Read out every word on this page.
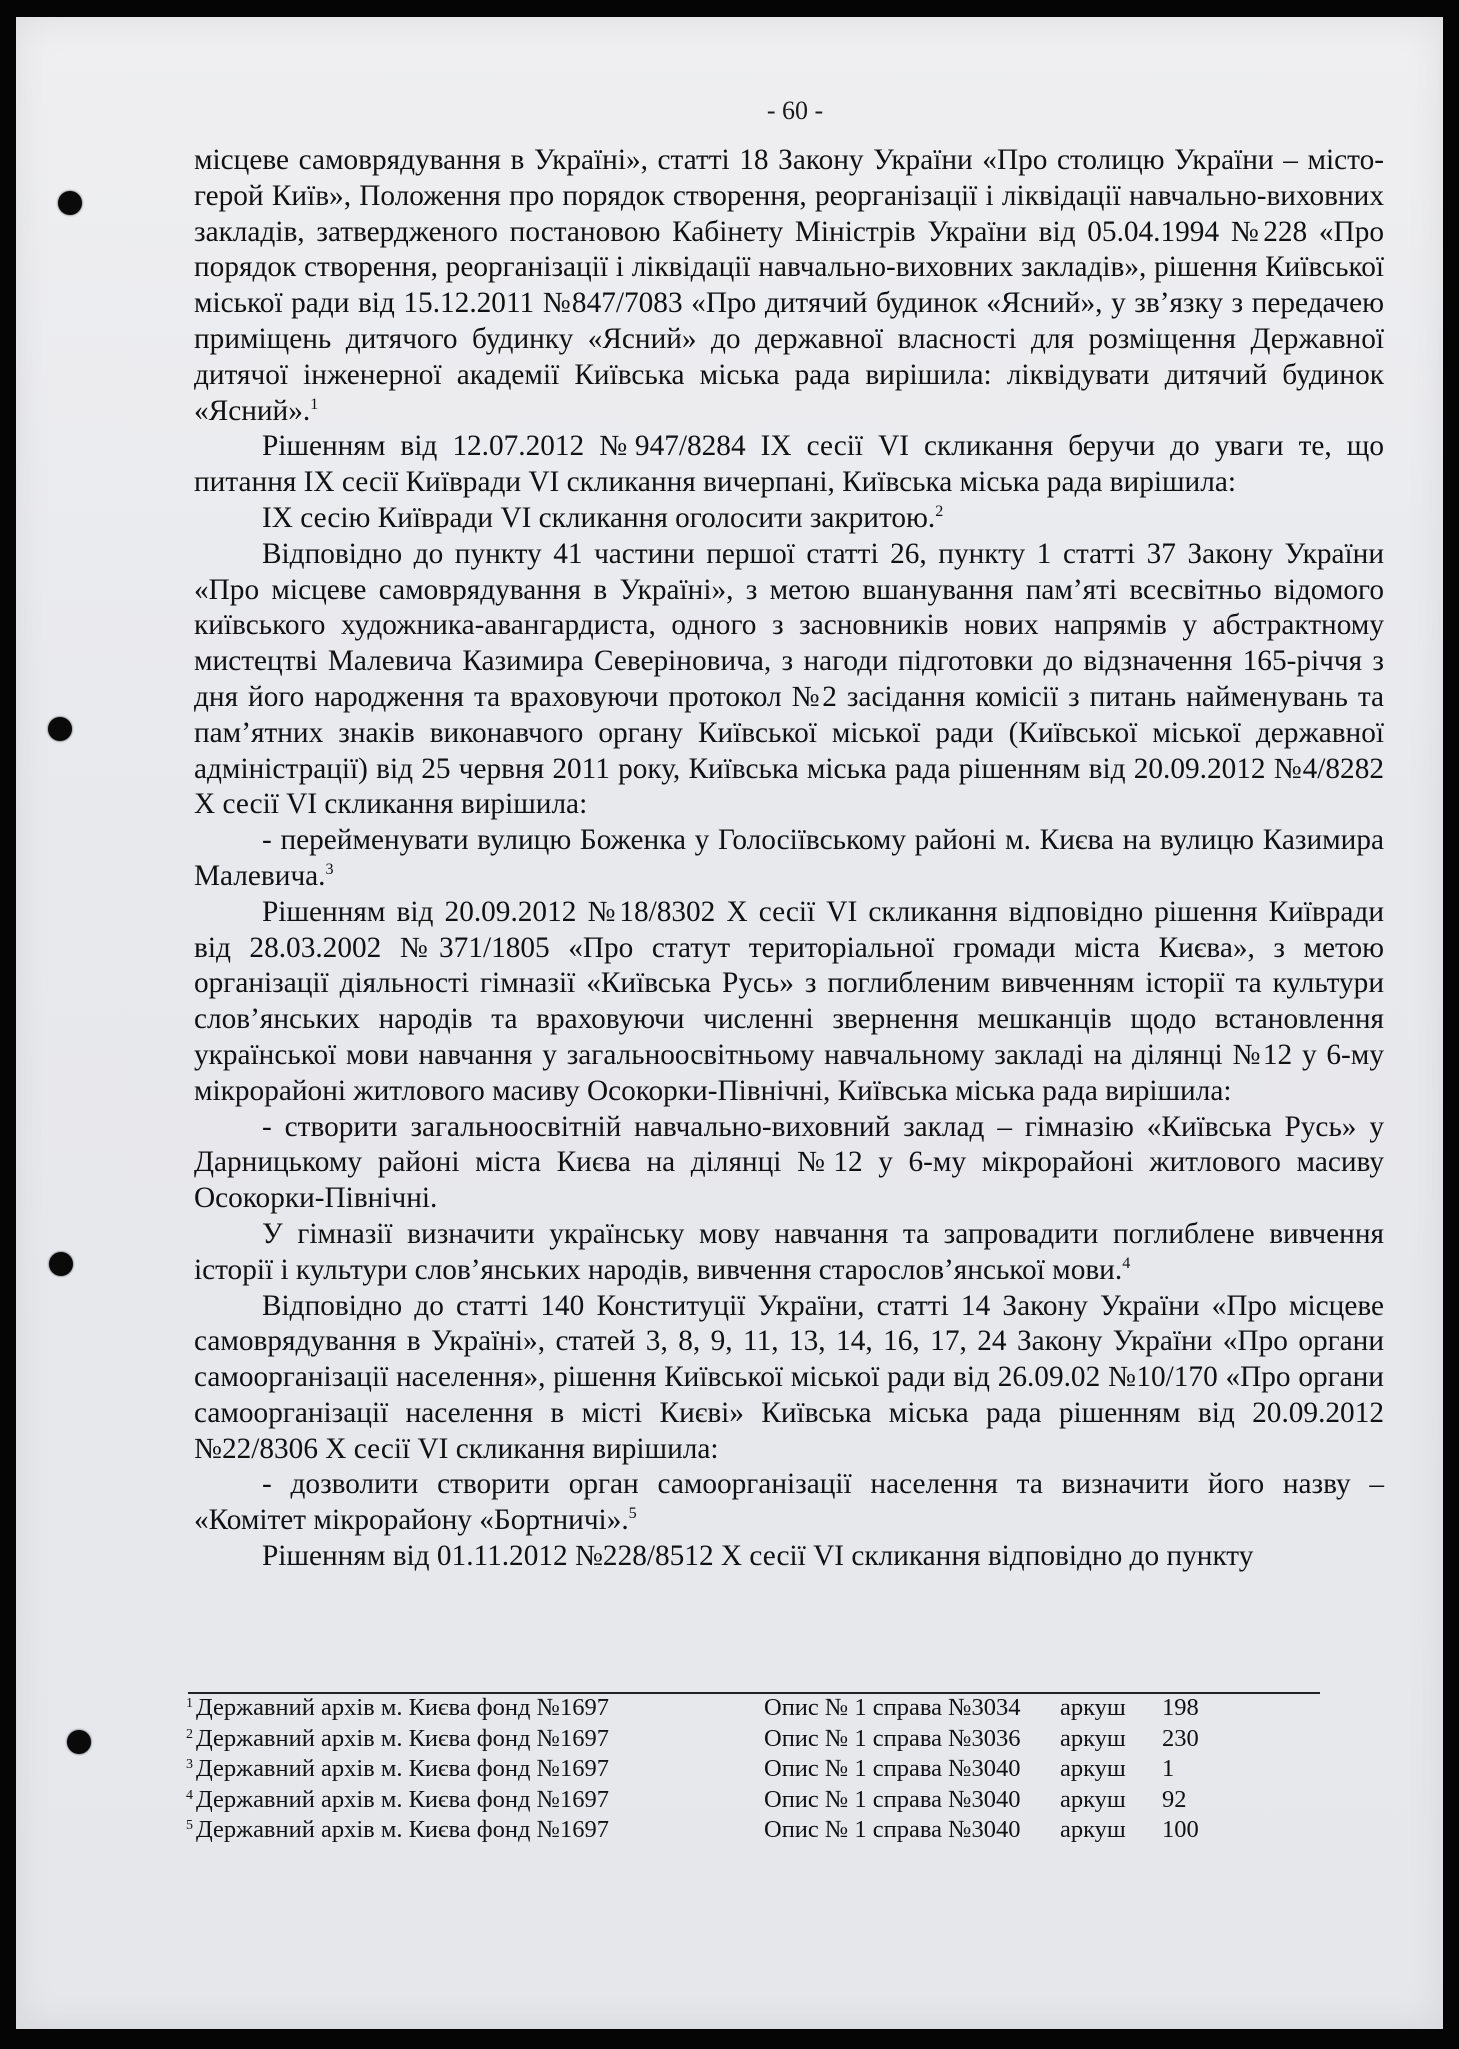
- 60 -

місцеве самоврядування в Україні», статті 18 Закону України «Про столицю України – місто-герой Київ», Положення про порядок створення, реорганізації і ліквідації навчально-виховних закладів, затвердженого постановою Кабінету Міністрів України від 05.04.1994 №228 «Про порядок створення, реорганізації і ліквідації навчально-виховних закладів», рішення Київської міської ради від 15.12.2011 №847/7083 «Про дитячий будинок «Ясний», у зв’язку з передачею приміщень дитячого будинку «Ясний» до державної власності для розміщення Державної дитячої інженерної академії Київська міська рада вирішила: ліквідувати дитячий будинок «Ясний».$^1$

Рішенням від 12.07.2012 №947/8284 IX сесії VI скликання беручи до уваги те, що питання IX сесії Київради VI скликання вичерпані, Київська міська рада вирішила:

IX сесію Київради VI скликання оголосити закритою.$^2$

Відповідно до пункту 41 частини першої статті 26, пункту 1 статті 37 Закону України «Про місцеве самоврядування в Україні», з метою вшанування пам’яті всесвітньо відомого київського художника-авангардиста, одного з засновників нових напрямів у абстрактному мистецтві Малевича Казимира Северіновича, з нагоди підготовки до відзначення 165-річчя з дня його народження та враховуючи протокол №2 засідання комісії з питань найменувань та пам’ятних знаків виконавчого органу Київської міської ради (Київської міської державної адміністрації) від 25 червня 2011 року, Київська міська рада рішенням від 20.09.2012 №4/8282 X сесії VI скликання вирішила:

- перейменувати вулицю Боженка у Голосіївському районі м. Києва на вулицю Казимира Малевича.$^3$

Рішенням від 20.09.2012 №18/8302 X сесії VI скликання відповідно рішення Київради від 28.03.2002 №371/1805 «Про статут територіальної громади міста Києва», з метою організації діяльності гімназії «Київська Русь» з поглибленим вивченням історії та культури слов’янських народів та враховуючи численні звернення мешканців щодо встановлення української мови навчання у загальноосвітньому навчальному закладі на ділянці №12 у 6-му мікрорайоні житлового масиву Осокорки-Північні, Київська міська рада вирішила:

- створити загальноосвітній навчально-виховний заклад – гімназію «Київська Русь» у Дарницькому районі міста Києва на ділянці №12 у 6-му мікрорайоні житлового масиву Осокорки-Північні.

У гімназії визначити українську мову навчання та запровадити поглиблене вивчення історії і культури слов’янських народів, вивчення старослов’янської мови.$^4$

Відповідно до статті 140 Конституції України, статті 14 Закону України «Про місцеве самоврядування в Україні», статей 3, 8, 9, 11, 13, 14, 16, 17, 24 Закону України «Про органи самоорганізації населення», рішення Київської міської ради від 26.09.02 №10/170 «Про органи самоорганізації населення в місті Києві» Київська міська рада рішенням від 20.09.2012 №22/8306 X сесії VI скликання вирішила:

- дозволити створити орган самоорганізації населення та визначити його назву – «Комітет мікрорайону «Бортничі».$^5$

Рішенням від 01.11.2012 №228/8512 X сесії VI скликання відповідно до пункту

1 Державний архів м. Києва фонд №1697	Опис № 1 справа №3034 аркуш 198
2 Державний архів м. Києва фонд №1697	Опис № 1 справа №3036 аркуш 230
3 Державний архів м. Києва фонд №1697	Опис № 1 справа №3040 аркуш 1
4 Державний архів м. Києва фонд №1697	Опис № 1 справа №3040 аркуш 92
5 Державний архів м. Києва фонд №1697	Опис № 1 справа №3040 аркуш 100
